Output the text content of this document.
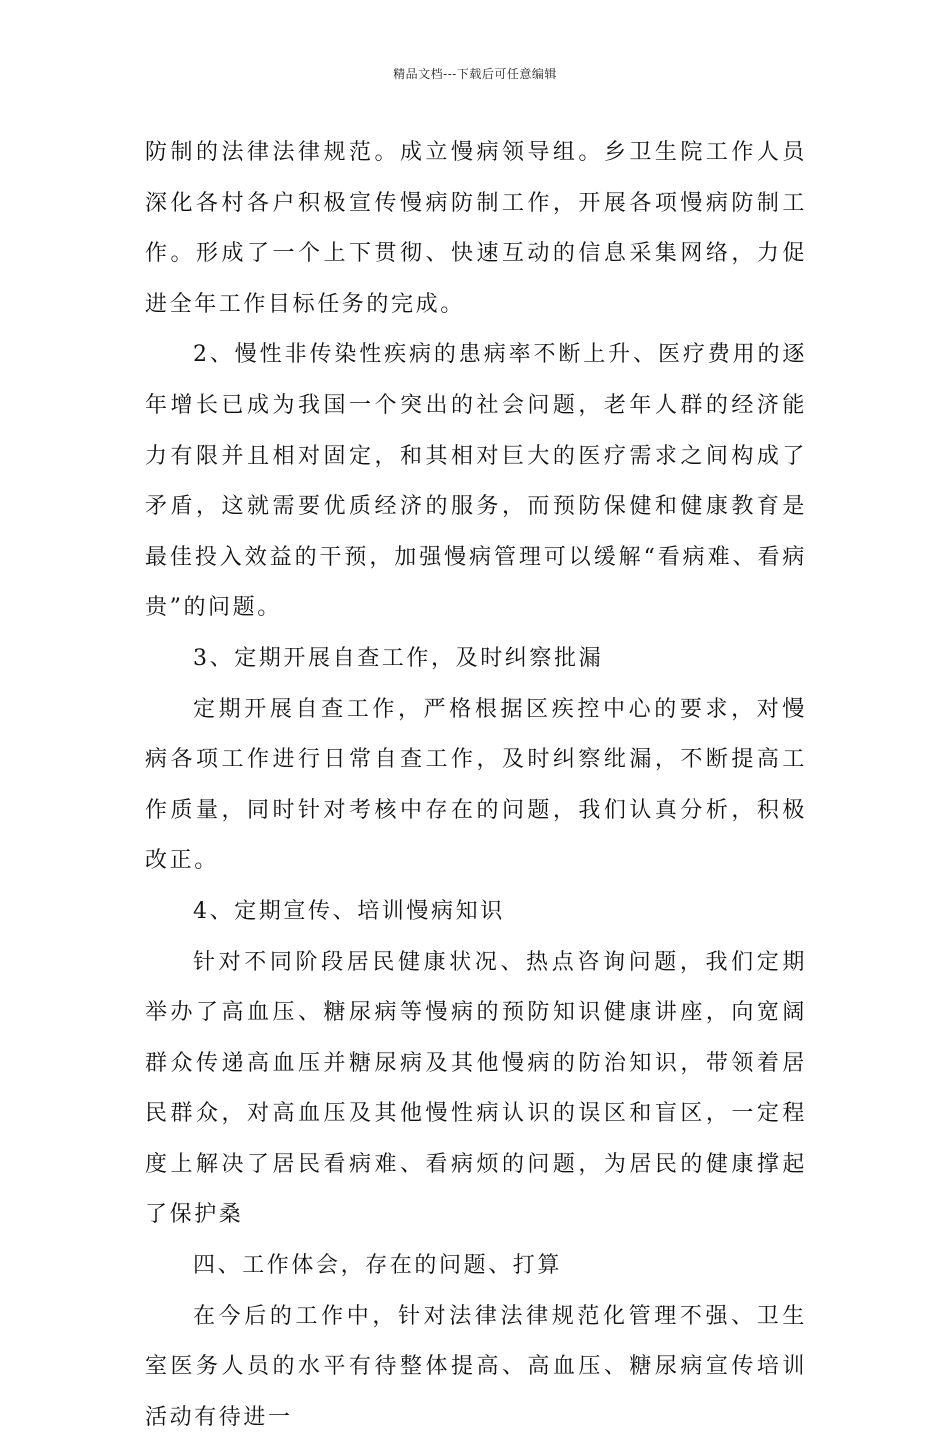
精品文档---下载后可任意编辑

防制的法律法律规范。成立慢病领导组。乡卫生院工作人员深化各村各户积极宣传慢病防制工作，开展各项慢病防制工作。形成了一个上下贯彻、快速互动的信息采集网络，力促进全年工作目标任务的完成。

2、慢性非传染性疾病的患病率不断上升、医疗费用的逐年增长已成为我国一个突出的社会问题，老年人群的经济能力有限并且相对固定，和其相对巨大的医疗需求之间构成了矛盾，这就需要优质经济的服务，而预防保健和健康教育是最佳投入效益的干预，加强慢病管理可以缓解“看病难、看病贵”的问题。

3、定期开展自查工作，及时纠察批漏

定期开展自查工作，严格根据区疾控中心的要求，对慢病各项工作进行日常自查工作，及时纠察纰漏，不断提高工作质量，同时针对考核中存在的问题，我们认真分析，积极改正。

4、定期宣传、培训慢病知识

针对不同阶段居民健康状况、热点咨询问题，我们定期举办了高血压、糖尿病等慢病的预防知识健康讲座，向宽阔群众传递高血压并糖尿病及其他慢病的防治知识，带领着居民群众，对高血压及其他慢性病认识的误区和盲区，一定程度上解决了居民看病难、看病烦的问题，为居民的健康撑起了保护桑

四、工作体会，存在的问题、打算

在今后的工作中，针对法律法律规范化管理不强、卫生室医务人员的水平有待整体提高、高血压、糖尿病宣传培训活动有待进一
